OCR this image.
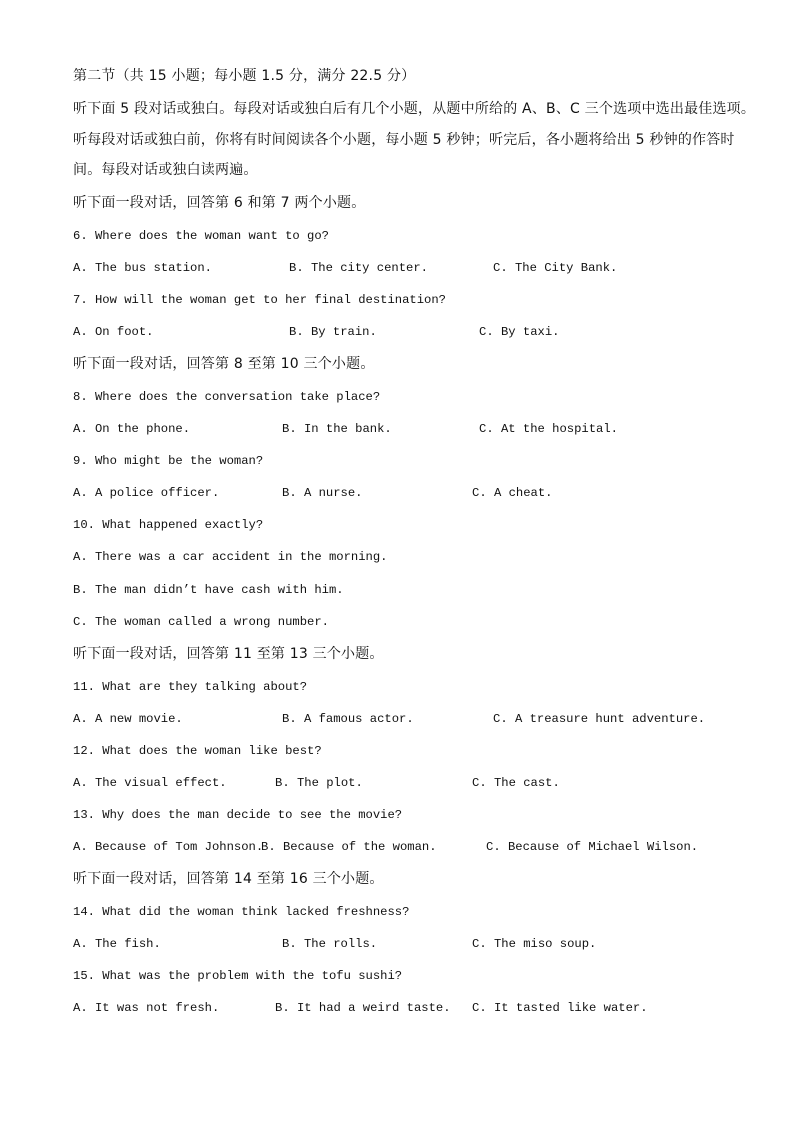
第二节（共 15 小题；每小题 1.5 分，满分 22.5 分）
听下面 5 段对话或独白。每段对话或独白后有几个小题，从题中所给的 A、B、C 三个选项中选出最佳选项。
听每段对话或独白前，你将有时间阅读各个小题，每小题 5 秒钟；听完后，各小题将给出 5 秒钟的作答时
间。每段对话或独白读两遍。
听下面一段对话，回答第 6 和第 7 两个小题。
6. Where does the woman want to go?
A. The bus station.	B. The city center.	C. The City Bank.
7. How will the woman get to her final destination?
A. On foot.	B. By train.	C. By taxi.
听下面一段对话，回答第 8 至第 10 三个小题。
8. Where does the conversation take place?
A. On the phone.	B. In the bank.	C. At the hospital.
9. Who might be the woman?
A. A police officer.	B. A nurse.	C. A cheat.
10. What happened exactly?
A. There was a car accident in the morning.
B. The man didn’t have cash with him.
C. The woman called a wrong number.
听下面一段对话，回答第 11 至第 13 三个小题。
11. What are they talking about?
A. A new movie.	B. A famous actor.	C. A treasure hunt adventure.
12. What does the woman like best?
A. The visual effect.	B. The plot.	C. The cast.
13. Why does the man decide to see the movie?
A. Because of Tom Johnson.
B. Because of the woman.	C. Because of Michael Wilson.
听下面一段对话，回答第 14 至第 16 三个小题。
14. What did the woman think lacked freshness?
A. The fish.	B. The rolls.	C. The miso soup.
15. What was the problem with the tofu sushi?
A. It was not fresh.	B. It had a weird taste. C. It tasted like water.
